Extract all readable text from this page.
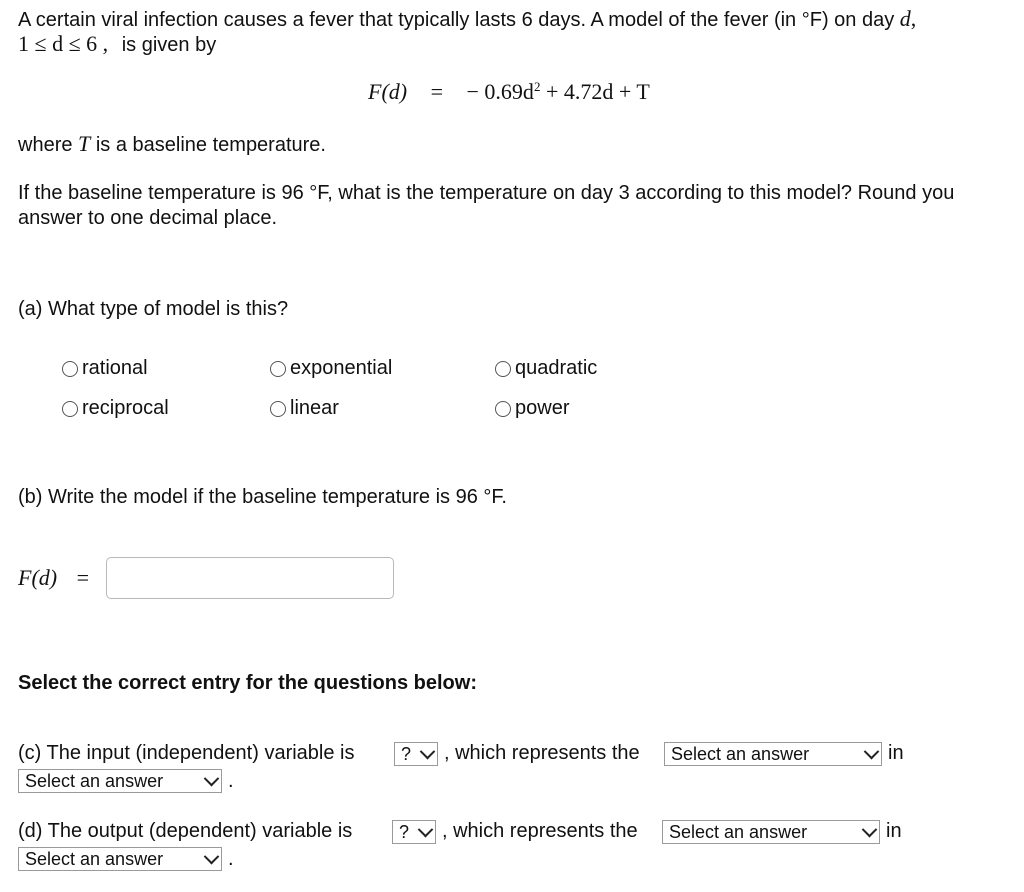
A certain viral infection causes a fever that typically lasts 6 days. A model of the fever (in °F) on day d,
1 ≤ d ≤ 6 , is given by
F(d) = − $0.69d^2 + 4.72d + T$
where T is a baseline temperature.
If the baseline temperature is 96 °F, what is the temperature on day 3 according to this model? Round you
answer to one decimal place.
(a) What type of model is this?
rational	exponential	quadratic
reciprocal	linear	power
(b) Write the model if the baseline temperature is 96 °F.
F(d) =
Select the correct entry for the questions below:
(c) The input (independent) variable is	? , which represents the Select an answer	in
Select an answer	.
(d) The output (dependent) variable is	? , which represents the Select an answer	in
Select an answer	.
